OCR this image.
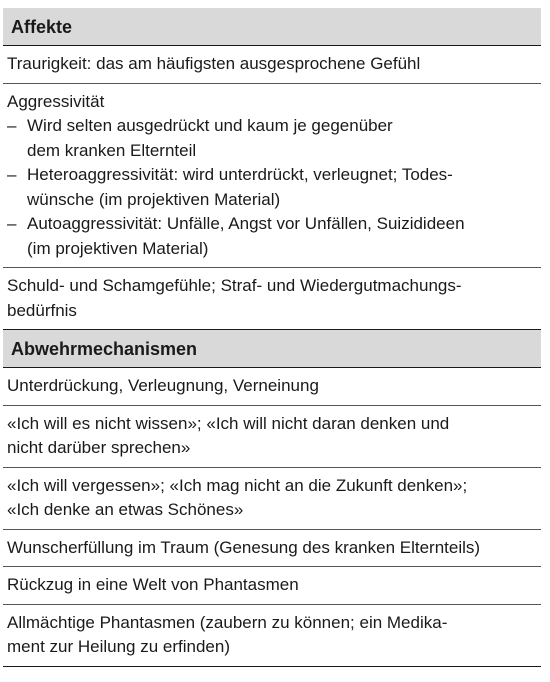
Affekte
Traurigkeit: das am häufigsten ausgesprochene Gefühl
Aggressivität
– Wird selten ausgedrückt und kaum je gegenüber
dem kranken Elternteil
– Heteroaggressivität: wird unterdrückt, verleugnet; Todes-
wünsche (im projektiven Material)
– Autoaggressivität: Unfälle, Angst vor Unfällen, Suizidideen
(im projektiven Material)
Schuld- und Schamgefühle; Straf- und Wiedergutmachungs-
bedürfnis
Abwehrmechanismen
Unterdrückung, Verleugnung, Verneinung
«Ich will es nicht wissen»; «Ich will nicht daran denken und
nicht darüber sprechen»
«Ich will vergessen»; «Ich mag nicht an die Zukunft denken»;
«Ich denke an etwas Schönes»
Wunscherfüllung im Traum (Genesung des kranken Elternteils)
Rückzug in eine Welt von Phantasmen
Allmächtige Phantasmen (zaubern zu können; ein Medika-
ment zur Heilung zu erfinden)
